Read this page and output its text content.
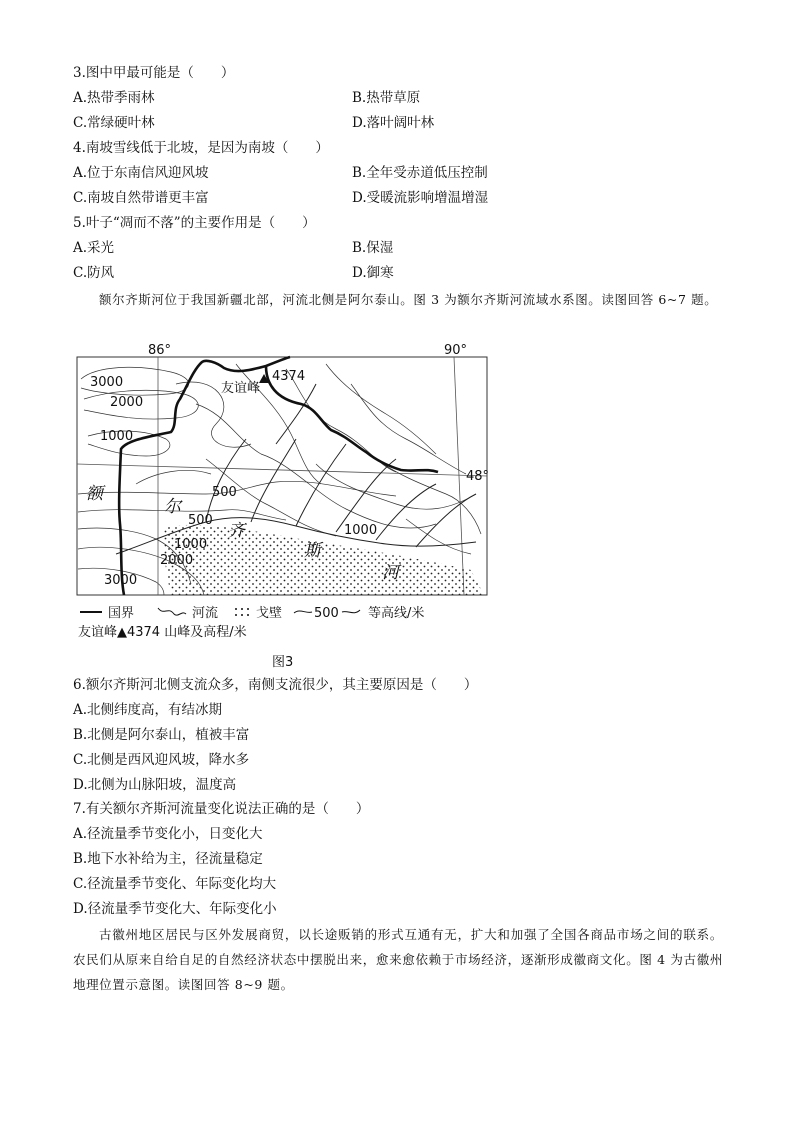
3.图中甲最可能是（　　）
A.热带季雨林	B.热带草原
C.常绿硬叶林	D.落叶阔叶林
4.南坡雪线低于北坡，是因为南坡（　　）
A.位于东南信风迎风坡	B.全年受赤道低压控制
C.南坡自然带谱更丰富	D.受暖流影响增温增湿
5.叶子“凋而不落”的主要作用是（　　）
A.采光	B.保湿
C.防风	D.御寒
额尔齐斯河位于我国新疆北部，河流北侧是阿尔泰山。图 3 为额尔齐斯河流域水系图。读图回答 6~7 题。
86°	90°
48°
友谊峰
4374
3000
2000
1000
500
500
1000
1000
2000
3000
额
尔
齐
斯
河
国界	河流	戈壁 500 等高线/米
友谊峰▲4374 山峰及高程/米
图3
6.额尔齐斯河北侧支流众多，南侧支流很少，其主要原因是（　　）
A.北侧纬度高，有结冰期
B.北侧是阿尔泰山，植被丰富
C.北侧是西风迎风坡，降水多
D.北侧为山脉阳坡，温度高
7.有关额尔齐斯河流量变化说法正确的是（　　）
A.径流量季节变化小，日变化大
B.地下水补给为主，径流量稳定
C.径流量季节变化、年际变化均大
D.径流量季节变化大、年际变化小
古徽州地区居民与区外发展商贸，以长途贩销的形式互通有无，扩大和加强了全国各商品市场之间的联系。农民们从原来自给自足的自然经济状态中摆脱出来，愈来愈依赖于市场经济，逐渐形成徽商文化。图 4 为古徽州地理位置示意图。读图回答 8~9 题。
